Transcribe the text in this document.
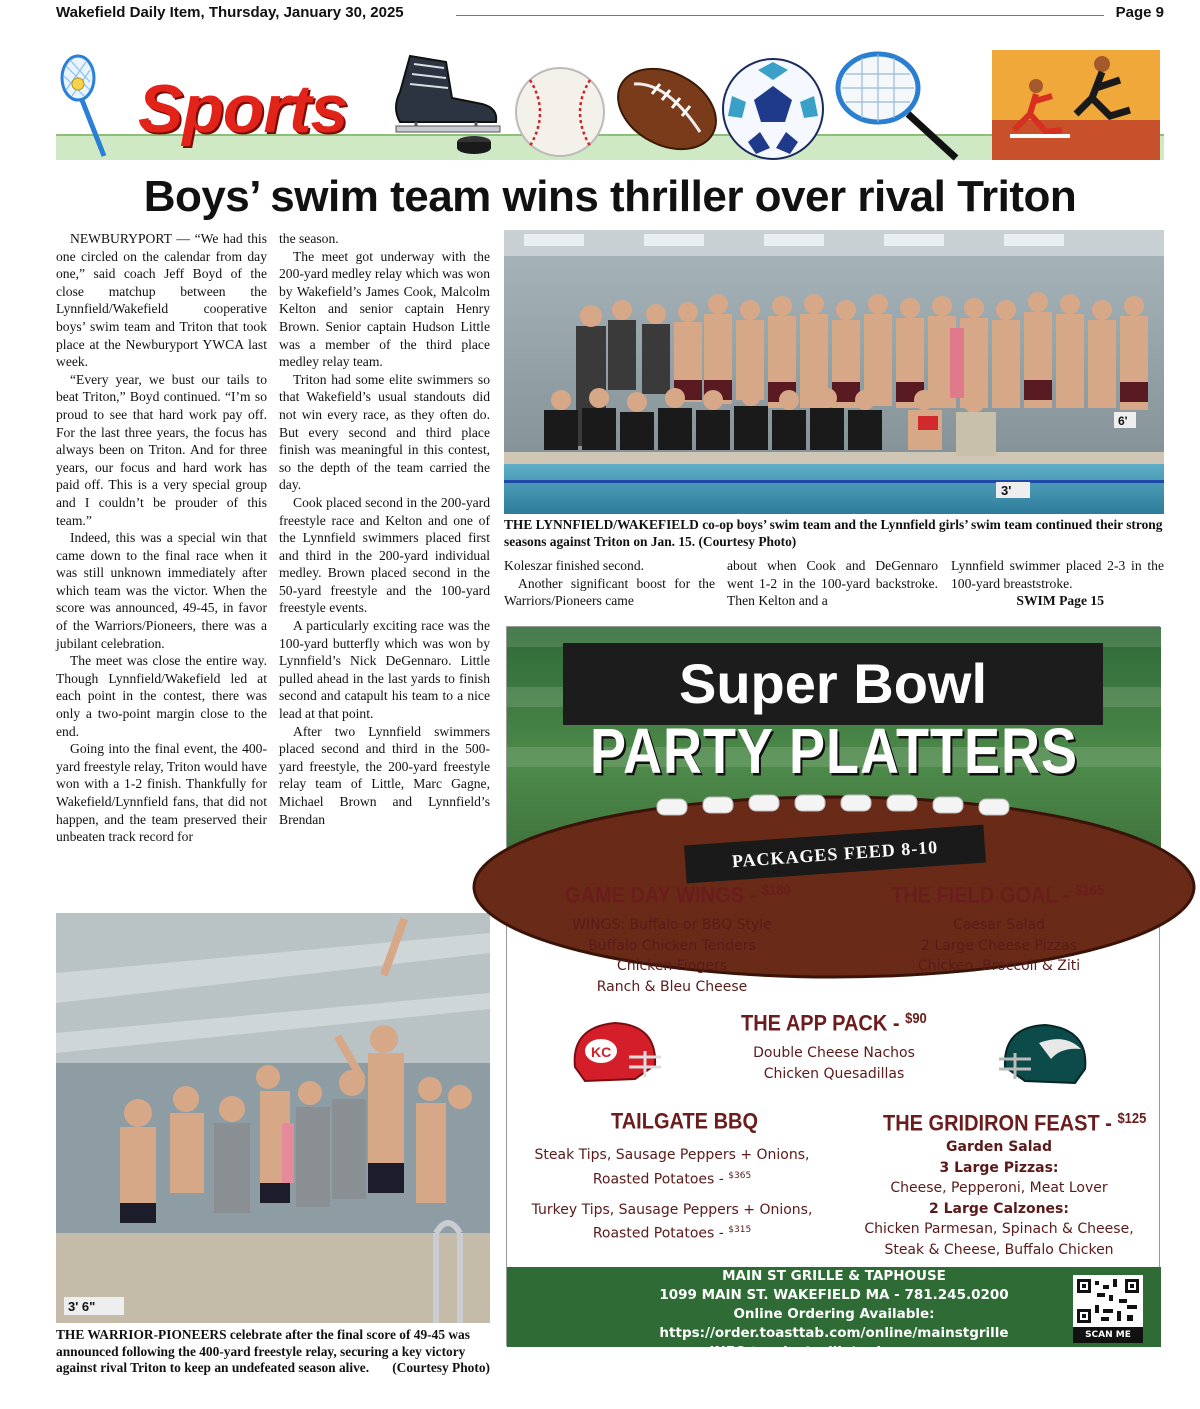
Wakefield Daily Item, Thursday, January 30, 2025	Page 9
Sports
Boys’ swim team wins thriller over rival Triton

NEWBURYPORT — “We had this one circled on the calendar from day one,” said coach Jeff Boyd of the close matchup between the Lynnfield/Wakefield cooperative boys’ swim team and Triton that took place at the Newburyport YWCA last week.

“Every year, we bust our tails to beat Triton,” Boyd continued. “I’m so proud to see that hard work pay off. For the last three years, the focus has always been on Triton. And for three years, our focus and hard work has paid off. This is a very special group and I couldn’t be prouder of this team.”

Indeed, this was a special win that came down to the final race when it was still unknown immediately after which team was the victor. When the score was announced, 49-45, in favor of the Warriors/Pioneers, there was a jubilant celebration.

The meet was close the entire way. Though Lynnfield/Wakefield led at each point in the contest, there was only a two-point margin close to the end.

Going into the final event, the 400-yard freestyle relay, Triton would have won with a 1-2 finish. Thankfully for Wakefield/Lynnfield fans, that did not happen, and the team preserved their unbeaten track record for

the season.

The meet got underway with the 200-yard medley relay which was won by Wakefield’s James Cook, Malcolm Kelton and senior captain Henry Brown. Senior captain Hudson Little was a member of the third place medley relay team.

Triton had some elite swimmers so that Wakefield’s usual standouts did not win every race, as they often do. But every second and third place finish was meaningful in this contest, so the depth of the team carried the day.

Cook placed second in the 200-yard freestyle race and Kelton and one of the Lynnfield swimmers placed first and third in the 200-yard individual medley. Brown placed second in the 50-yard freestyle and the 100-yard freestyle events.

A particularly exciting race was the 100-yard butterfly which was won by Lynnfield’s Nick DeGennaro. Little pulled ahead in the last yards to finish second and catapult his team to a nice lead at that point.

After two Lynnfield swimmers placed second and third in the 500-yard freestyle, the 200-yard freestyle relay team of Little, Marc Gagne, Michael Brown and Lynnfield’s Brendan

3'
6'
THE LYNNFIELD/WAKEFIELD co-op boys’ swim team and the Lynnfield girls’ swim team continued their strong seasons against Triton on Jan. 15. (Courtesy Photo)

Koleszar finished second.

Another significant boost for the Warriors/Pioneers came

about when Cook and DeGennaro went 1-2 in the 100-yard backstroke. Then Kelton and a

Lynnfield swimmer placed 2-3 in the 100-yard breaststroke.

SWIM Page 15

3' 6"
THE WARRIOR-PIONEERS celebrate after the final score of 49-45 was announced following the 400-yard freestyle relay, securing a key victory against rival Triton to keep an undefeated season alive.	(Courtesy Photo)
Super Bowl
PARTY PLATTERS
PACKAGES FEED 8-10
GAME DAY WINGS - $^{\$180}$
WINGS: Buffalo or BBQ Style
Buffalo Chicken Tenders
Chicken Fingers
Ranch & Bleu Cheese
THE FIELD GOAL - $^{\$165}$
Caesar Salad
2 Large Cheese Pizzas
Chicken, Broccoli & Ziti
KC
THE APP PACK - $^{\$90}$
Double Cheese Nachos
Chicken Quesadillas
TAILGATE BBQ
Steak Tips, Sausage Peppers + Onions,
Roasted Potatoes - $^{\$365}$
Turkey Tips, Sausage Peppers + Onions,
Roasted Potatoes - $^{\$315}$
THE GRIDIRON FEAST - $^{\$125}$
Garden Salad
3 Large Pizzas:
Cheese, Pepperoni, Meat Lover
2 Large Calzones:
Chicken Parmesan, Spinach & Cheese,
Steak & Cheese, Buffalo Chicken
MAIN ST GRILLE & TAPHOUSE
1099 MAIN ST. WAKEFIELD MA - 781.245.0200
Online Ordering Available:
https://order.toasttab.com/online/mainstgrille
INFO@mainstgrilletaphouse.com
We Kindly Request 24 Hours Notice for Catering Orders
SCAN ME
